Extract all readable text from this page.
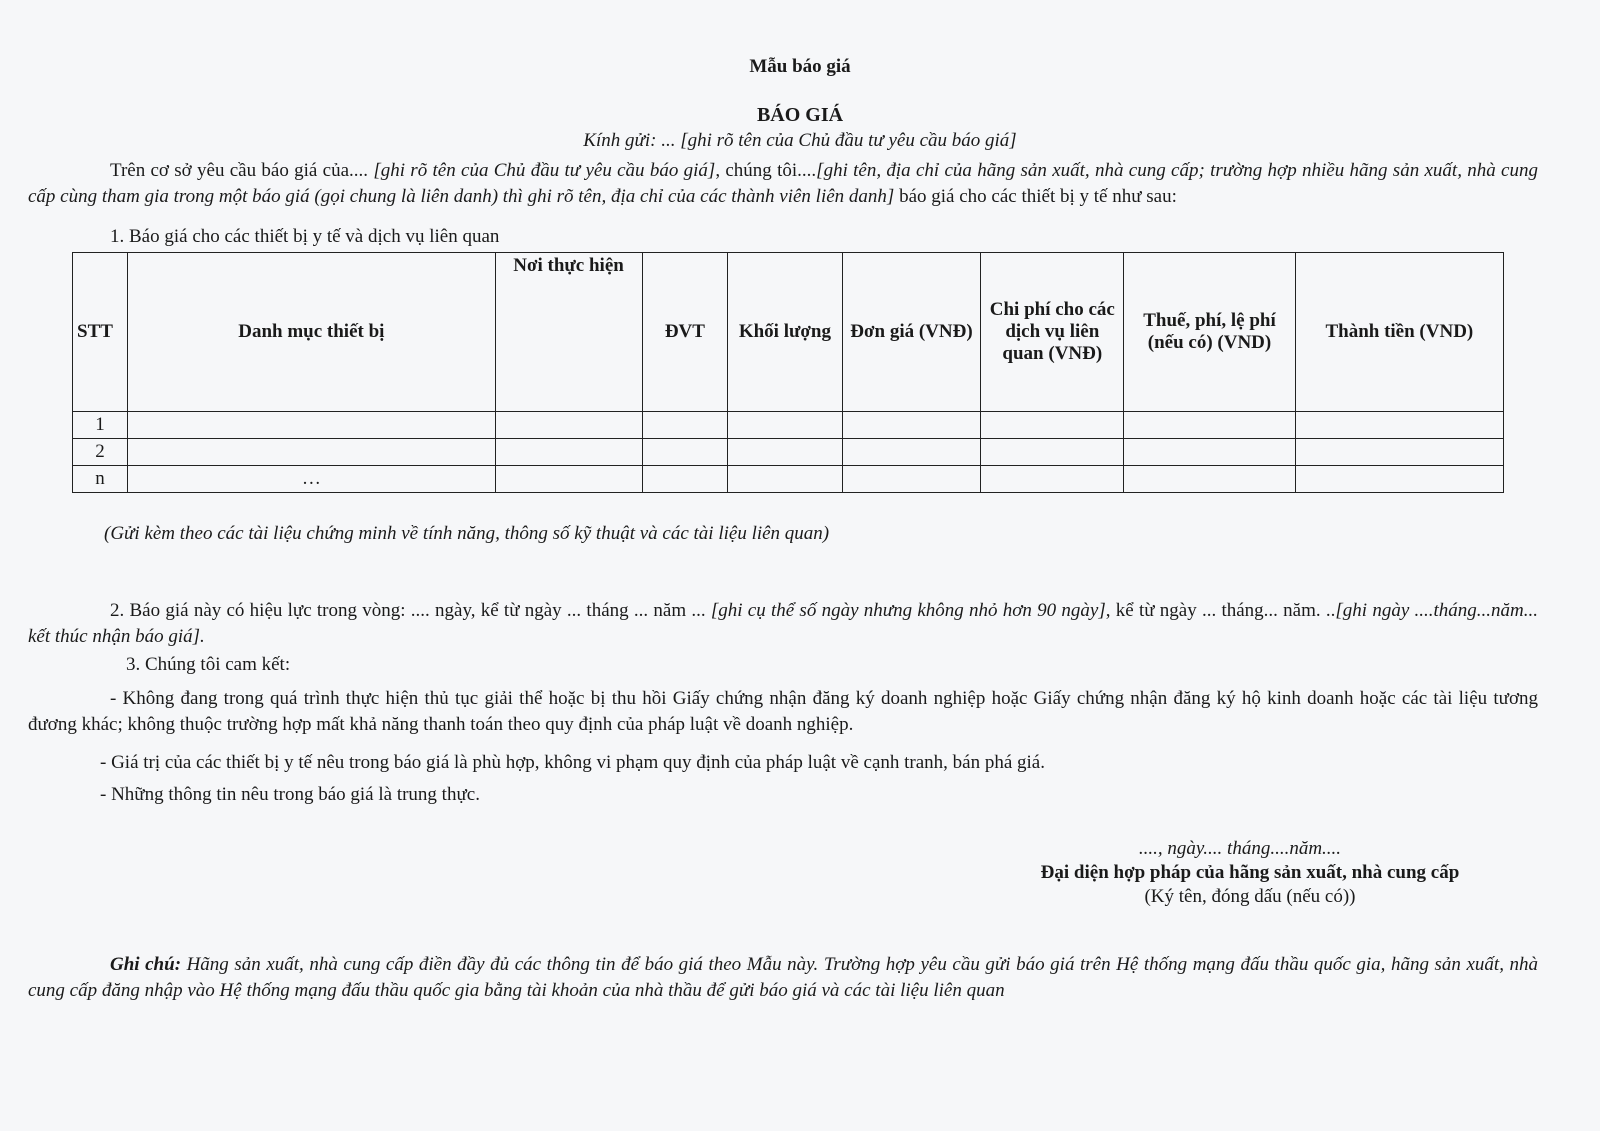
Mẫu báo giá
BÁO GIÁ
Kính gửi: ... [ghi rõ tên của Chủ đầu tư yêu cầu báo giá]
Trên cơ sở yêu cầu báo giá của.... [ghi rõ tên của Chủ đầu tư yêu cầu báo giá], chúng tôi....[ghi tên, địa chỉ của hãng sản xuất, nhà cung cấp; trường hợp nhiều hãng sản xuất, nhà cung cấp cùng tham gia trong một báo giá (gọi chung là liên danh) thì ghi rõ tên, địa chỉ của các thành viên liên danh] báo giá cho các thiết bị y tế như sau:
1. Báo giá cho các thiết bị y tế và dịch vụ liên quan
STT	Danh mục thiết bị	Nơi thực hiện	ĐVT	Khối lượng	Đơn giá (VNĐ)	Chi phí cho các dịch vụ liên quan (VNĐ)	Thuế, phí, lệ phí (nếu có) (VND)	Thành tiền (VND)
1								
2								
n	…							
(Gửi kèm theo các tài liệu chứng minh về tính năng, thông số kỹ thuật và các tài liệu liên quan)
2. Báo giá này có hiệu lực trong vòng: .... ngày, kể từ ngày ... tháng ... năm ... [ghi cụ thể số ngày nhưng không nhỏ hơn 90 ngày], kể từ ngày ... tháng... năm. ..[ghi ngày ....tháng...năm... kết thúc nhận báo giá].
3. Chúng tôi cam kết:
- Không đang trong quá trình thực hiện thủ tục giải thể hoặc bị thu hồi Giấy chứng nhận đăng ký doanh nghiệp hoặc Giấy chứng nhận đăng ký hộ kinh doanh hoặc các tài liệu tương đương khác; không thuộc trường hợp mất khả năng thanh toán theo quy định của pháp luật về doanh nghiệp.
- Giá trị của các thiết bị y tế nêu trong báo giá là phù hợp, không vi phạm quy định của pháp luật về cạnh tranh, bán phá giá.
- Những thông tin nêu trong báo giá là trung thực.
...., ngày.... tháng....năm....
Đại diện hợp pháp của hãng sản xuất, nhà cung cấp
(Ký tên, đóng dấu (nếu có))
Ghi chú: Hãng sản xuất, nhà cung cấp điền đầy đủ các thông tin để báo giá theo Mẫu này. Trường hợp yêu cầu gửi báo giá trên Hệ thống mạng đấu thầu quốc gia, hãng sản xuất, nhà cung cấp đăng nhập vào Hệ thống mạng đấu thầu quốc gia bằng tài khoản của nhà thầu để gửi báo giá và các tài liệu liên quan
